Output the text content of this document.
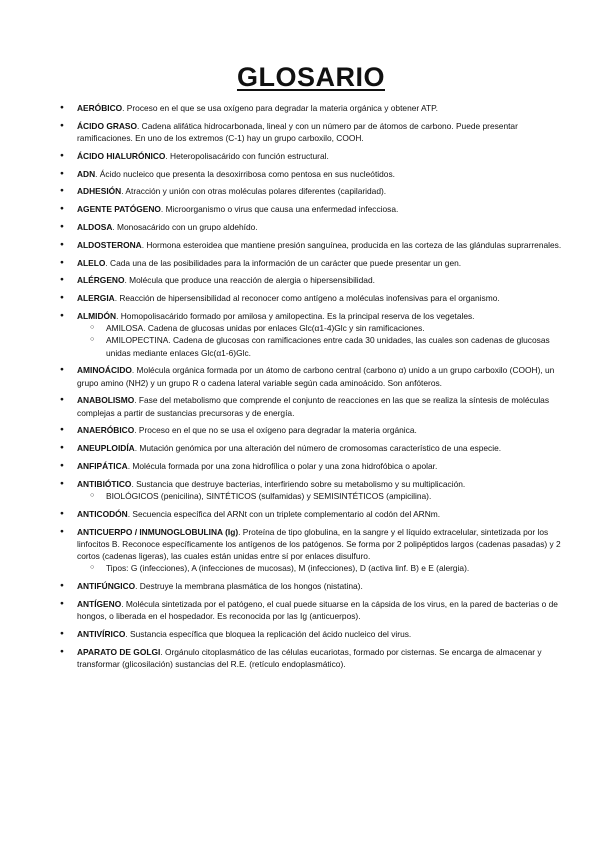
GLOSARIO
● AERÓBICO. Proceso en el que se usa oxígeno para degradar la materia orgánica y obtener ATP.
● ÁCIDO GRASO. Cadena alifática hidrocarbonada, lineal y con un número par de átomos de carbono. Puede presentar ramificaciones. En uno de los extremos (C-1) hay un grupo carboxilo, COOH.
● ÁCIDO HIALURÓNICO. Heteropolisacárido con función estructural.
● ADN. Ácido nucleico que presenta la desoxirribosa como pentosa en sus nucleótidos.
● ADHESIÓN. Atracción y unión con otras moléculas polares diferentes (capilaridad).
● AGENTE PATÓGENO. Microorganismo o virus que causa una enfermedad infecciosa.
● ALDOSA. Monosacárido con un grupo aldehído.
● ALDOSTERONA. Hormona esteroidea que mantiene presión sanguínea, producida en las corteza de las glándulas suprarrenales.
● ALELO. Cada una de las posibilidades para la información de un carácter que puede presentar un gen.
● ALÉRGENO. Molécula que produce una reacción de alergia o hipersensibilidad.
● ALERGIA. Reacción de hipersensibilidad al reconocer como antígeno a moléculas inofensivas para el organismo.
● ALMIDÓN. Homopolisacárido formado por amilosa y amilopectina. Es la principal reserva de los vegetales.
○ AMILOSA. Cadena de glucosas unidas por enlaces Glc(α1-4)Glc y sin ramificaciones.
○ AMILOPECTINA. Cadena de glucosas con ramificaciones entre cada 30 unidades, las cuales son cadenas de glucosas unidas mediante enlaces Glc(α1-6)Glc.
● AMINOÁCIDO. Molécula orgánica formada por un átomo de carbono central (carbono α) unido a un grupo carboxilo (COOH), un grupo amino (NH2) y un grupo R o cadena lateral variable según cada aminoácido. Son anfóteros.
● ANABOLISMO. Fase del metabolismo que comprende el conjunto de reacciones en las que se realiza la síntesis de moléculas complejas a partir de sustancias precursoras y de energía.
● ANAERÓBICO. Proceso en el que no se usa el oxígeno para degradar la materia orgánica.
● ANEUPLOIDÍA. Mutación genómica por una alteración del número de cromosomas característico de una especie.
● ANFIPÁTICA. Molécula formada por una zona hidrofílica o polar y una zona hidrofóbica o apolar.
● ANTIBIÓTICO. Sustancia que destruye bacterias, interfiriendo sobre su metabolismo y su multiplicación.
○ BIOLÓGICOS (penicilina), SINTÉTICOS (sulfamidas) y SEMISINTÉTICOS (ampicilina).
● ANTICODÓN. Secuencia específica del ARNt con un triplete complementario al codón del ARNm.
● ANTICUERPO / INMUNOGLOBULINA (Ig). Proteína de tipo globulina, en la sangre y el líquido extracelular, sintetizada por los linfocitos B. Reconoce específicamente los antígenos de los patógenos. Se forma por 2 polipéptidos largos (cadenas pasadas) y 2 cortos (cadenas ligeras), las cuales están unidas entre sí por enlaces disulfuro.
○ Tipos: G (infecciones), A (infecciones de mucosas), M (infecciones), D (activa linf. B) e E (alergia).
● ANTIFÚNGICO. Destruye la membrana plasmática de los hongos (nistatina).
● ANTÍGENO. Molécula sintetizada por el patógeno, el cual puede situarse en la cápsida de los virus, en la pared de bacterias o de hongos, o liberada en el hospedador. Es reconocida por las Ig (anticuerpos).
● ANTIVÍRICO. Sustancia específica que bloquea la replicación del ácido nucleico del virus.
● APARATO DE GOLGI. Orgánulo citoplasmático de las células eucariotas, formado por cisternas. Se encarga de almacenar y transformar (glicosilación) sustancias del R.E. (retículo endoplasmático).
